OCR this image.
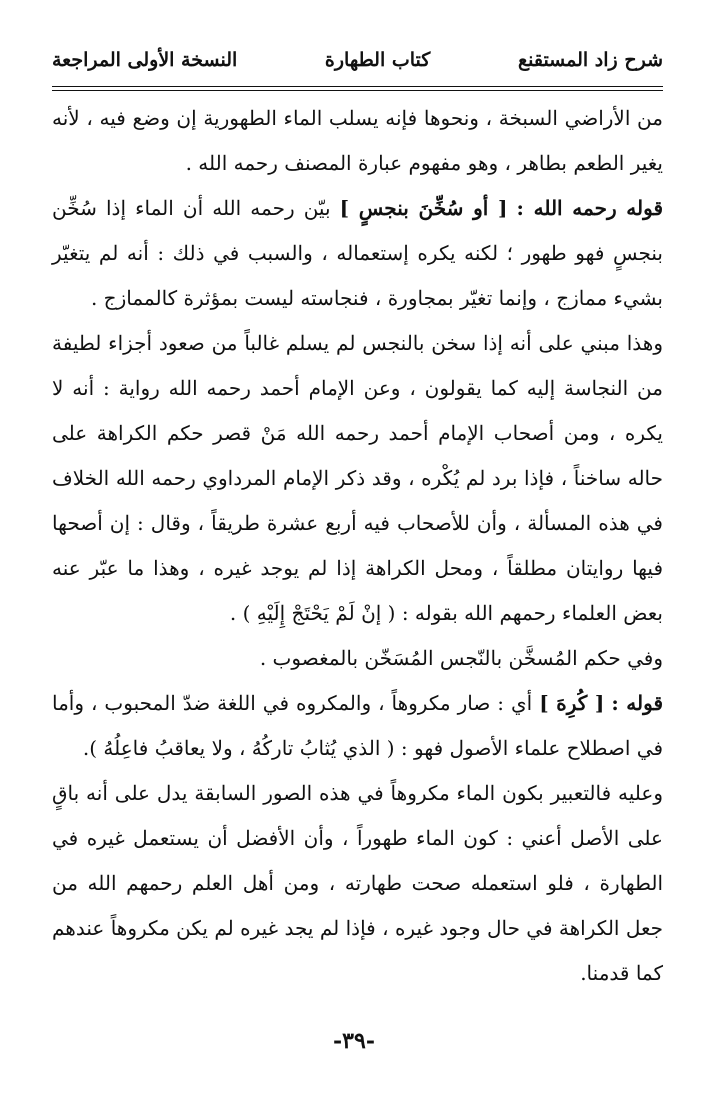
شرح زاد المستقنع
كتاب الطهارة
النسخة الأولى المراجعة

من الأراضي السبخة ، ونحوها فإنه يسلب الماء الطهورية إن وضع فيه ، لأنه يغير الطعم بطاهر ، وهو مفهوم عبارة المصنف رحمه الله .

قوله رحمه الله : [ أو سُخِّنَ بنجسٍ ] بيّن رحمه الله أن الماء إذا سُخِّن بنجسٍ فهو طهور ؛ لكنه يكره إستعماله ، والسبب في ذلك : أنه لم يتغيّر بشيء ممازج ، وإنما تغيّر بمجاورة ، فنجاسته ليست بمؤثرة كالممازج .

وهذا مبني على أنه إذا سخن بالنجس لم يسلم غالباً من صعود أجزاء لطيفة من النجاسة إليه كما يقولون ، وعن الإمام أحمد رحمه الله رواية : أنه لا يكره ، ومن أصحاب الإمام أحمد رحمه الله مَنْ قصر حكم الكراهة على حاله ساخناً ، فإذا برد لم يُكْره ، وقد ذكر الإمام المرداوي رحمه الله الخلاف في هذه المسألة ، وأن للأصحاب فيه أربع عشرة طريقاً ، وقال : إن أصحها فيها روايتان مطلقاً ، ومحل الكراهة إذا لم يوجد غيره ، وهذا ما عبّر عنه بعض العلماء رحمهم الله بقوله : ( إنْ لَمْ يَحْتَجْ إِلَيْهِ ) .

وفي حكم المُسخَّن بالنّجس المُسَخّن بالمغصوب .

قوله : [ كُرِهَ ] أي : صار مكروهاً ، والمكروه في اللغة ضدّ المحبوب ، وأما في اصطلاح علماء الأصول فهو : ( الذي يُثابُ تاركُهُ ، ولا يعاقبُ فاعِلُهُ ).

وعليه فالتعبير بكون الماء مكروهاً في هذه الصور السابقة يدل على أنه باقٍ على الأصل أعني : كون الماء طهوراً ، وأن الأفضل أن يستعمل غيره في الطهارة ، فلو استعمله صحت طهارته ، ومن أهل العلم رحمهم الله من جعل الكراهة في حال وجود غيره ، فإذا لم يجد غيره لم يكن مكروهاً عندهم كما قدمنا.

-٣٩-
